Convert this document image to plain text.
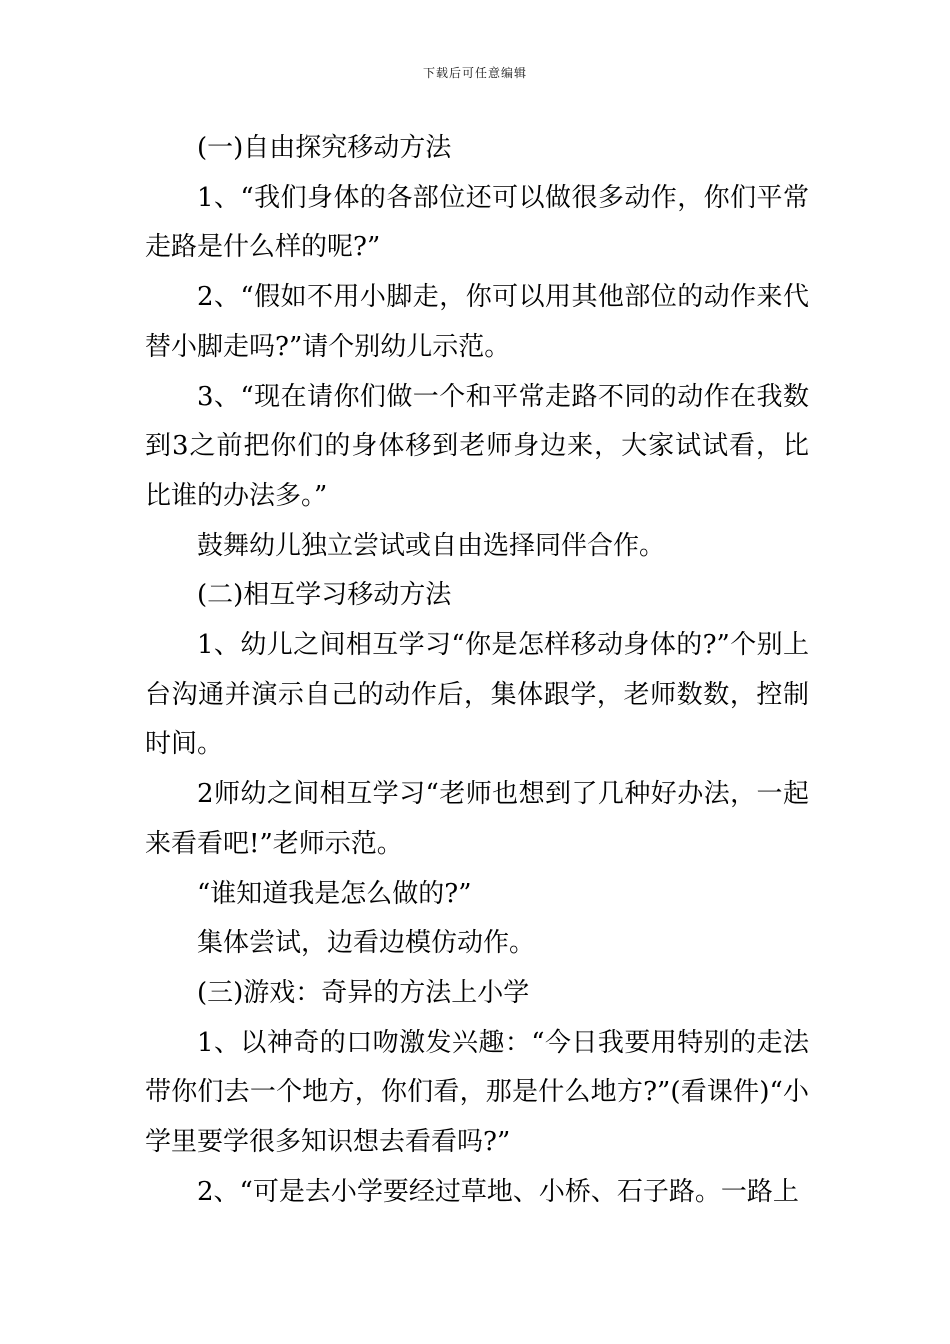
下载后可任意编辑

(一)自由探究移动方法

1、“我们身体的各部位还可以做很多动作，你们平常走路是什么样的呢?”

2、“假如不用小脚走，你可以用其他部位的动作来代替小脚走吗?”请个别幼儿示范。

3、“现在请你们做一个和平常走路不同的动作在我数到3之前把你们的身体移到老师身边来，大家试试看，比比谁的办法多。”

鼓舞幼儿独立尝试或自由选择同伴合作。

(二)相互学习移动方法

1、幼儿之间相互学习“你是怎样移动身体的?”个别上台沟通并演示自己的动作后，集体跟学，老师数数，控制时间。

2师幼之间相互学习“老师也想到了几种好办法，一起来看看吧!”老师示范。

“谁知道我是怎么做的?”

集体尝试，边看边模仿动作。

(三)游戏：奇异的方法上小学

1、以神奇的口吻激发兴趣：“今日我要用特别的走法带你们去一个地方，你们看，那是什么地方?”(看课件)“小学里要学很多知识想去看看吗?”

2、“可是去小学要经过草地、小桥、石子路。一路上
